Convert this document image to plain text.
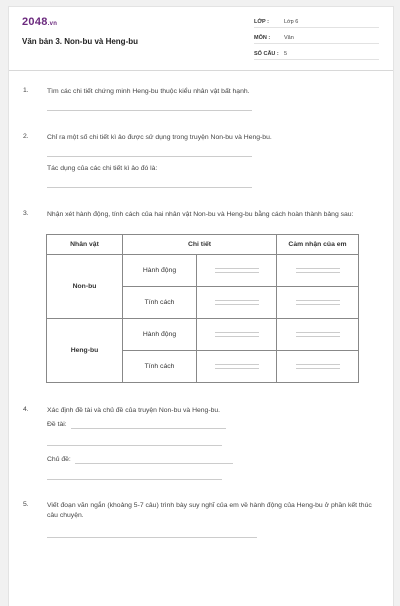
2048.vn
Văn bản 3. Non-bu và Heng-bu
LỚP :	Lớp 6
MÔN :	Văn
SỐ CÂU : 5
1.	Tìm các chi tiết chứng minh Heng-bu thuộc kiểu nhân vật bất hạnh.
2.	Chỉ ra một số chi tiết kì ảo được sử dụng trong truyện Non-bu và Heng-bu.
Tác dụng của các chi tiết kì ảo đó là:
3.	Nhận xét hành động, tính cách của hai nhân vật Non-bu và Heng-bu bằng cách hoàn thành bảng sau:
4.	Xác định đề tài và chủ đề của truyện Non-bu và Heng-bu.
Đề tài:
Chủ đề:
5.	Viết đoạn văn ngắn (khoảng 5-7 câu) trình bày suy nghĩ của em về hành động của Heng-bu ở phần kết thúc câu chuyện.
Nhân vật	Chi tiết		Cảm nhận của em
Non-bu	Hành động	

	Tính cách	

Heng-bu	Hành động	

	Tính cách	
